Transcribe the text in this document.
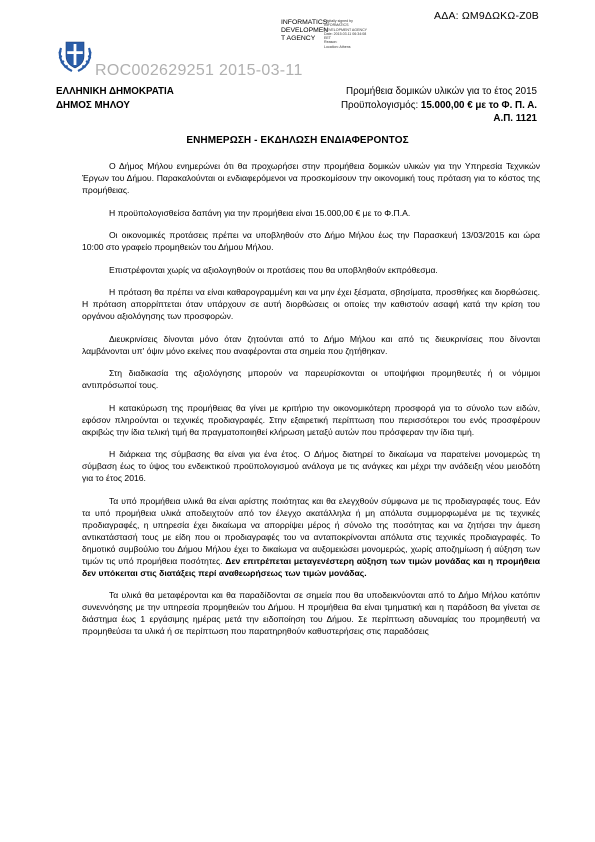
ΑΔΑ: ΩΜ9ΔΩΚΩ-Ζ0Β
INFORMATICS
DEVELOPMEN
T AGENCY
Digitally signed by
INFORMATICS
DEVELOPMENT AGENCY
Date: 2015.03.11 06:34:08
EET
Reason:
Location: Athens
ROC002629251 2015-03-11
ΕΛΛΗΝΙΚΗ ΔΗΜΟΚΡΑΤΙΑ
ΔΗΜΟΣ ΜΗΛΟΥ
Προμήθεια δομικών υλικών για το έτος 2015
Προϋπολογισμός: 15.000,00 € με το Φ. Π. Α.
Α.Π. 1121
ΕΝΗΜΕΡΩΣΗ - ΕΚΔΗΛΩΣΗ ΕΝΔΙΑΦΕΡΟΝΤΟΣ

Ο Δήμος Μήλου ενημερώνει ότι θα προχωρήσει στην προμήθεια δομικών υλικών για την Υπηρεσία Τεχνικών Έργων του Δήμου. Παρακαλούνται οι ενδιαφερόμενοι να προσκομίσουν την οικονομική τους πρόταση για το κόστος της προμήθειας.

Η προϋπολογισθείσα δαπάνη για την προμήθεια είναι 15.000,00 € με το Φ.Π.Α.

Οι οικονομικές προτάσεις πρέπει να υποβληθούν στο Δήμο Μήλου έως την Παρασκευή 13/03/2015 και ώρα 10:00 στο γραφείο προμηθειών του Δήμου Μήλου.

Επιστρέφονται χωρίς να αξιολογηθούν οι προτάσεις που θα υποβληθούν εκπρόθεσμα.

Η πρόταση θα πρέπει να είναι καθαρογραμμένη και να μην έχει ξέσματα, σβησίματα, προσθήκες και διορθώσεις. Η πρόταση απορρίπτεται όταν υπάρχουν σε αυτή διορθώσεις οι οποίες την καθιστούν ασαφή κατά την κρίση του οργάνου αξιολόγησης των προσφορών.

Διευκρινίσεις δίνονται μόνο όταν ζητούνται από το Δήμο Μήλου και από τις διευκρινίσεις που δίνονται λαμβάνονται υπ' όψιν μόνο εκείνες που αναφέρονται στα σημεία που ζητήθηκαν.

Στη διαδικασία της αξιολόγησης μπορούν να παρευρίσκονται οι υποψήφιοι προμηθευτές ή οι νόμιμοι αντιπρόσωποί τους.

Η κατακύρωση της προμήθειας θα γίνει με κριτήριο την οικονομικότερη προσφορά για το σύνολο των ειδών, εφόσον πληρούνται οι τεχνικές προδιαγραφές. Στην εξαιρετική περίπτωση που περισσότεροι του ενός προσφέρουν ακριβώς την ίδια τελική τιμή θα πραγματοποιηθεί κλήρωση μεταξύ αυτών που πρόσφεραν την ίδια τιμή.

Η διάρκεια της σύμβασης θα είναι για ένα έτος. Ο Δήμος διατηρεί το δικαίωμα να παρατείνει μονομερώς τη σύμβαση έως το ύψος του ενδεικτικού προϋπολογισμού ανάλογα με τις ανάγκες και μέχρι την ανάδειξη νέου μειοδότη για το έτος 2016.

Τα υπό προμήθεια υλικά θα είναι αρίστης ποιότητας και θα ελεγχθούν σύμφωνα με τις προδιαγραφές τους. Εάν τα υπό προμήθεια υλικά αποδειχτούν από τον έλεγχο ακατάλληλα ή μη απόλυτα συμμορφωμένα με τις τεχνικές προδιαγραφές, η υπηρεσία έχει δικαίωμα να απορρίψει μέρος ή σύνολο της ποσότητας και να ζητήσει την άμεση αντικατάστασή τους με είδη που οι προδιαγραφές του να ανταποκρίνονται απόλυτα στις τεχνικές προδιαγραφές. Το δημοτικό συμβούλιο του Δήμου Μήλου έχει το δικαίωμα να αυξομειώσει μονομερώς, χωρίς αποζημίωση ή αύξηση των τιμών τις υπό προμήθεια ποσότητες. Δεν επιτρέπεται μεταγενέστερη αύξηση των τιμών μονάδας και η προμήθεια δεν υπόκειται στις διατάξεις περί αναθεωρήσεως των τιμών μονάδας.

Τα υλικά θα μεταφέρονται και θα παραδίδονται σε σημεία που θα υποδεικνύονται από το Δήμο Μήλου κατόπιν συνεννόησης με την υπηρεσία προμηθειών του Δήμου. Η προμήθεια θα είναι τμηματική και η παράδοση θα γίνεται σε διάστημα έως 1 εργάσιμης ημέρας μετά την ειδοποίηση του Δήμου. Σε περίπτωση αδυναμίας του προμηθευτή να προμηθεύσει τα υλικά ή σε περίπτωση που παρατηρηθούν καθυστερήσεις στις παραδόσεις
